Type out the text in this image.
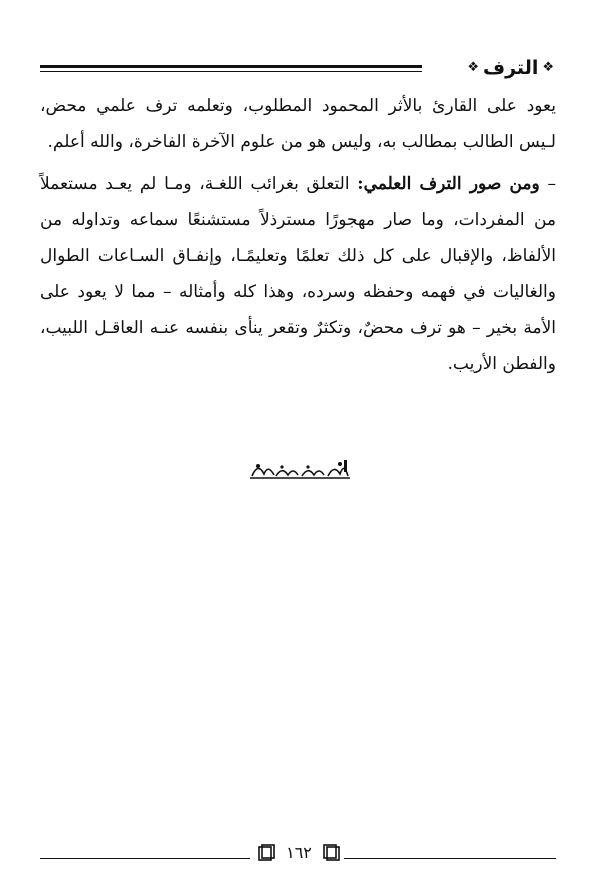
❖
الترف
❖

يعود على القارئ بالأثر المحمود المطلوب، وتعلمه ترف علمي محض، لـيس الطالب بمطالب به، وليس هو من علوم الآخرة الفاخرة، والله أعلم.

– ومن صور الترف العلمي: التعلق بغرائب اللغـة، ومـا لم يعـد مستعملاً من المفردات، وما صار مهجورًا مسترذلاً مستشنعًا سماعه وتداوله من الألفاظ، والإقبال على كل ذلك تعلمًا وتعليمًـا، وإنفـاق السـاعات الطوال والغاليات في فهمه وحفظه وسرده، وهذا كله وأمثاله – مما لا يعود على الأمة بخير – هو ترف محضٌ، وتكثرٌ وتقعر ينأى بنفسه عنـه العاقـل اللبيب، والفطن الأريب.

١٦٢
